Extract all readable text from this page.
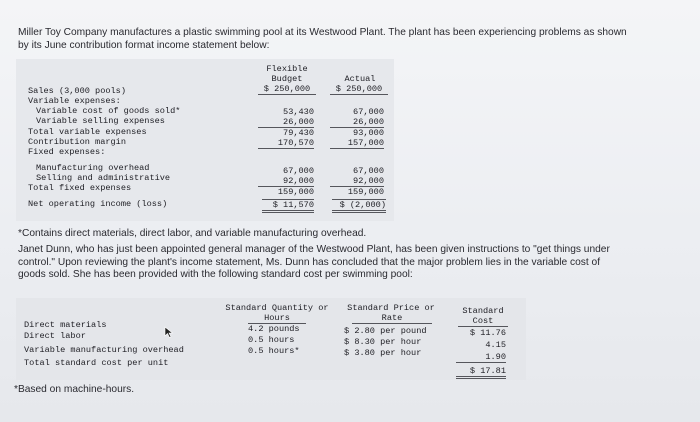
Miller Toy Company manufactures a plastic swimming pool at its Westwood Plant. The plant has been experiencing problems as shown
by its June contribution format income statement below:
Flexible
Budget
$ 250,000
Actual
$ 250,000
Sales (3,000 pools)
Variable expenses:
Variable cost of goods sold*
Variable selling expenses
Total variable expenses
Contribution margin
Fixed expenses:
Manufacturing overhead
Selling and administrative
Total fixed expenses
Net operating income (loss)
53,430
26,000
79,430
170,570
67,000
92,000
159,000
$ 11,570
67,000
26,000
93,000
157,000
67,000
92,000
159,000
$ (2,000)
*Contains direct materials, direct labor, and variable manufacturing overhead.
Janet Dunn, who has just been appointed general manager of the Westwood Plant, has been given instructions to "get things under
control." Upon reviewing the plant's income statement, Ms. Dunn has concluded that the major problem lies in the variable cost of
goods sold. She has been provided with the following standard cost per swimming pool:
Standard Quantity or
Hours
Standard Price or
Rate
Standard
Cost
Direct materials
Direct labor
Variable manufacturing overhead
Total standard cost per unit
4.2 pounds
0.5 hours
0.5 hours*
$ 2.80 per pound
$ 8.30 per hour
$ 3.80 per hour
$ 11.76
4.15
1.90
$ 17.81
*Based on machine-hours.
